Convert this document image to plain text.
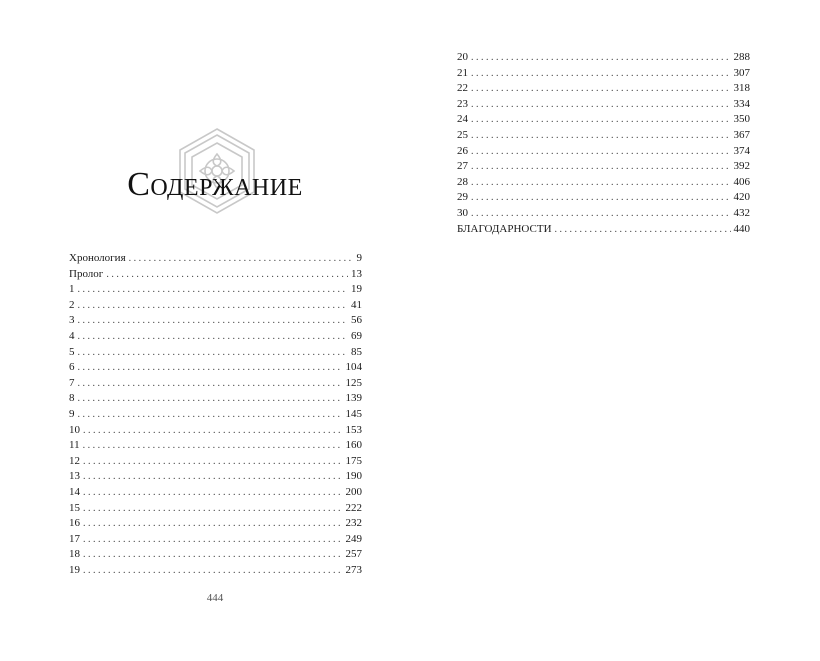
Содержание
Хронология . . .	9
Пролог . . .	13
1 . . .	19
2 . . .	41
3 . . .	56
4 . . .	69
5 . . .	85
6 . . .	104
7 . . .	125
8 . . .	139
9 . . .	145
10 . . .	153
11 . . .	160
12 . . .	175
13 . . .	190
14 . . .	200
15 . . .	222
16 . . .	232
17 . . .	249
18 . . .	257
19 . . .	273
444
20 . . .	288
21 . . .	307
22 . . .	318
23 . . .	334
24 . . .	350
25 . . .	367
26 . . .	374
27 . . .	392
28 . . .	406
29 . . .	420
30 . . .	432
БЛАГОДАРНОСТИ . . .	440
